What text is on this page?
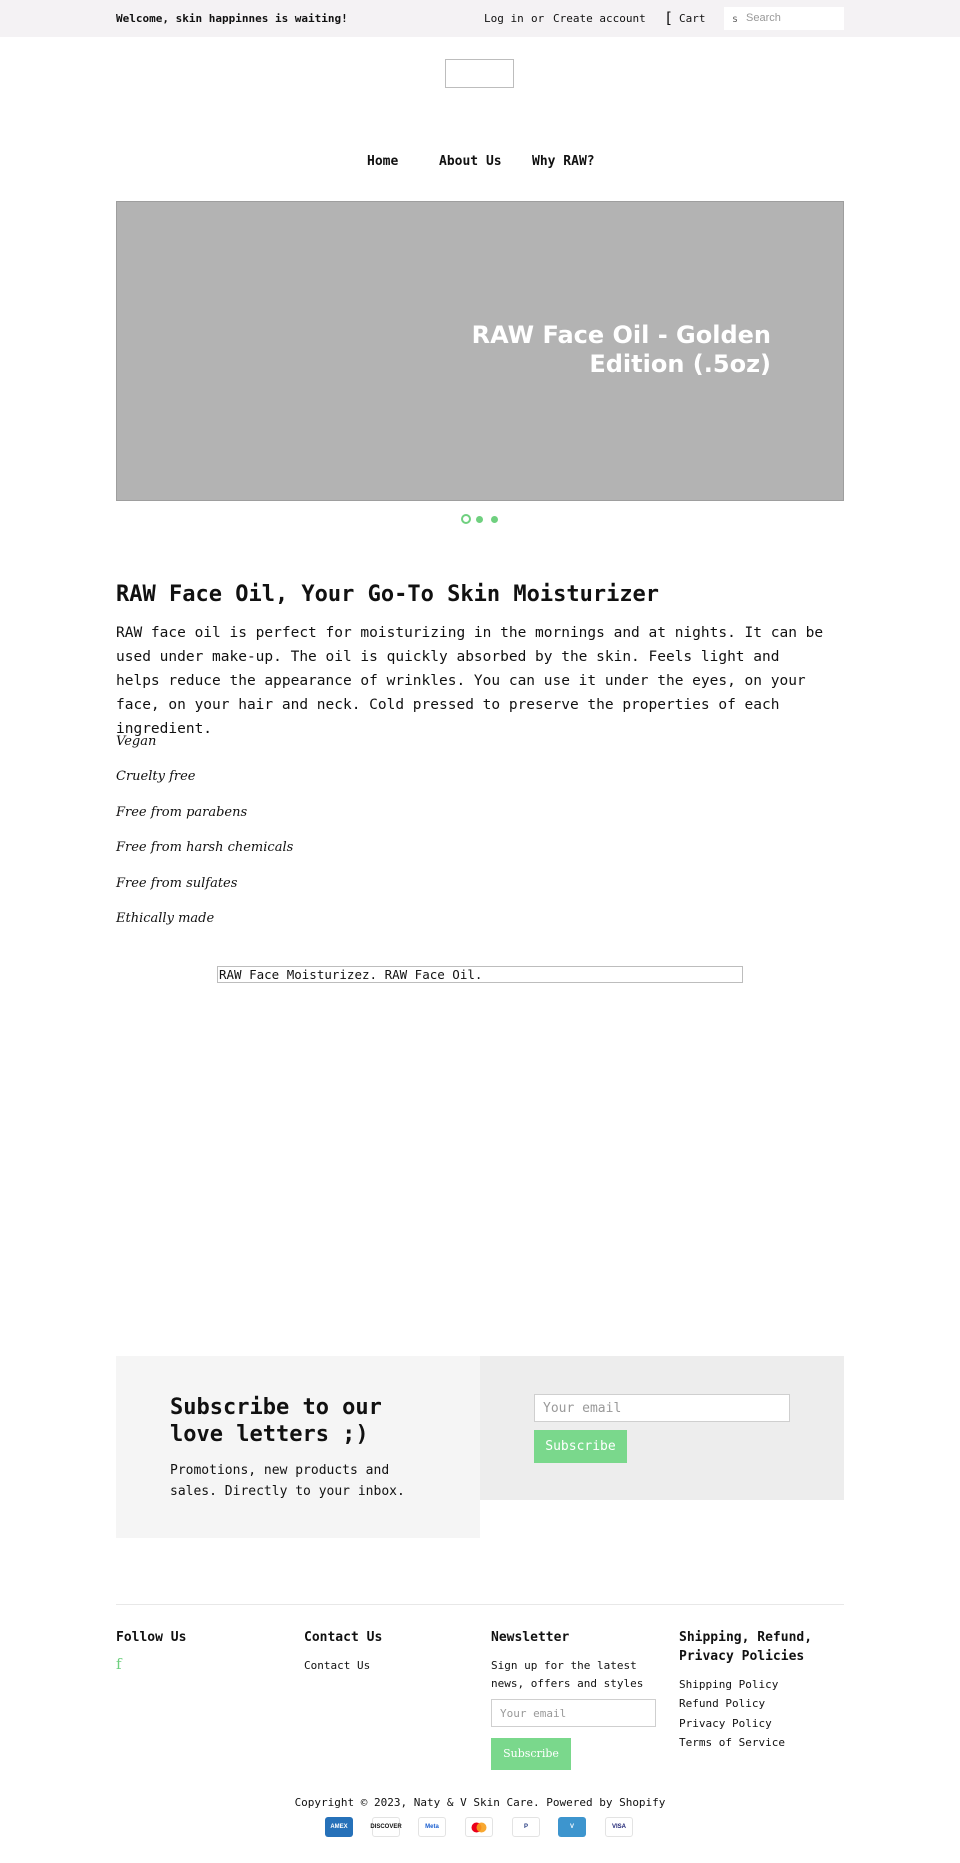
Welcome, skin happinnes is waiting!	Log in or Create account [ Cart	s
Search
Home	About Us Why RAW?
RAW Face Oil - Golden Edition (.5oz)
RAW Face Oil, Your Go-To Skin Moisturizer

RAW face oil is perfect for moisturizing in the mornings and at nights. It can be used under make-up. The oil is quickly absorbed by the skin. Feels light and helps reduce the appearance of wrinkles. You can use it under the eyes, on your face, on your hair and neck. Cold pressed to preserve the properties of each ingredient.

Vegan
Cruelty free
Free from parabens
Free from harsh chemicals
Free from sulfates
Ethically made
RAW Face Moisturizez. RAW Face Oil.
Subscribe to our love letters ;)
Promotions, new products and sales. Directly to your inbox.
Your email
Subscribe
Follow Us
f
Contact Us
Contact Us
Newsletter
Sign up for the latest news, offers and styles
Your email
Subscribe
Shipping, Refund, Privacy Policies
Shipping Policy
Refund Policy
Privacy Policy
Terms of Service
Copyright © 2023, Naty & V Skin Care. Powered by Shopify
AMEX	DISCOVER	Meta	P	V	VISA
